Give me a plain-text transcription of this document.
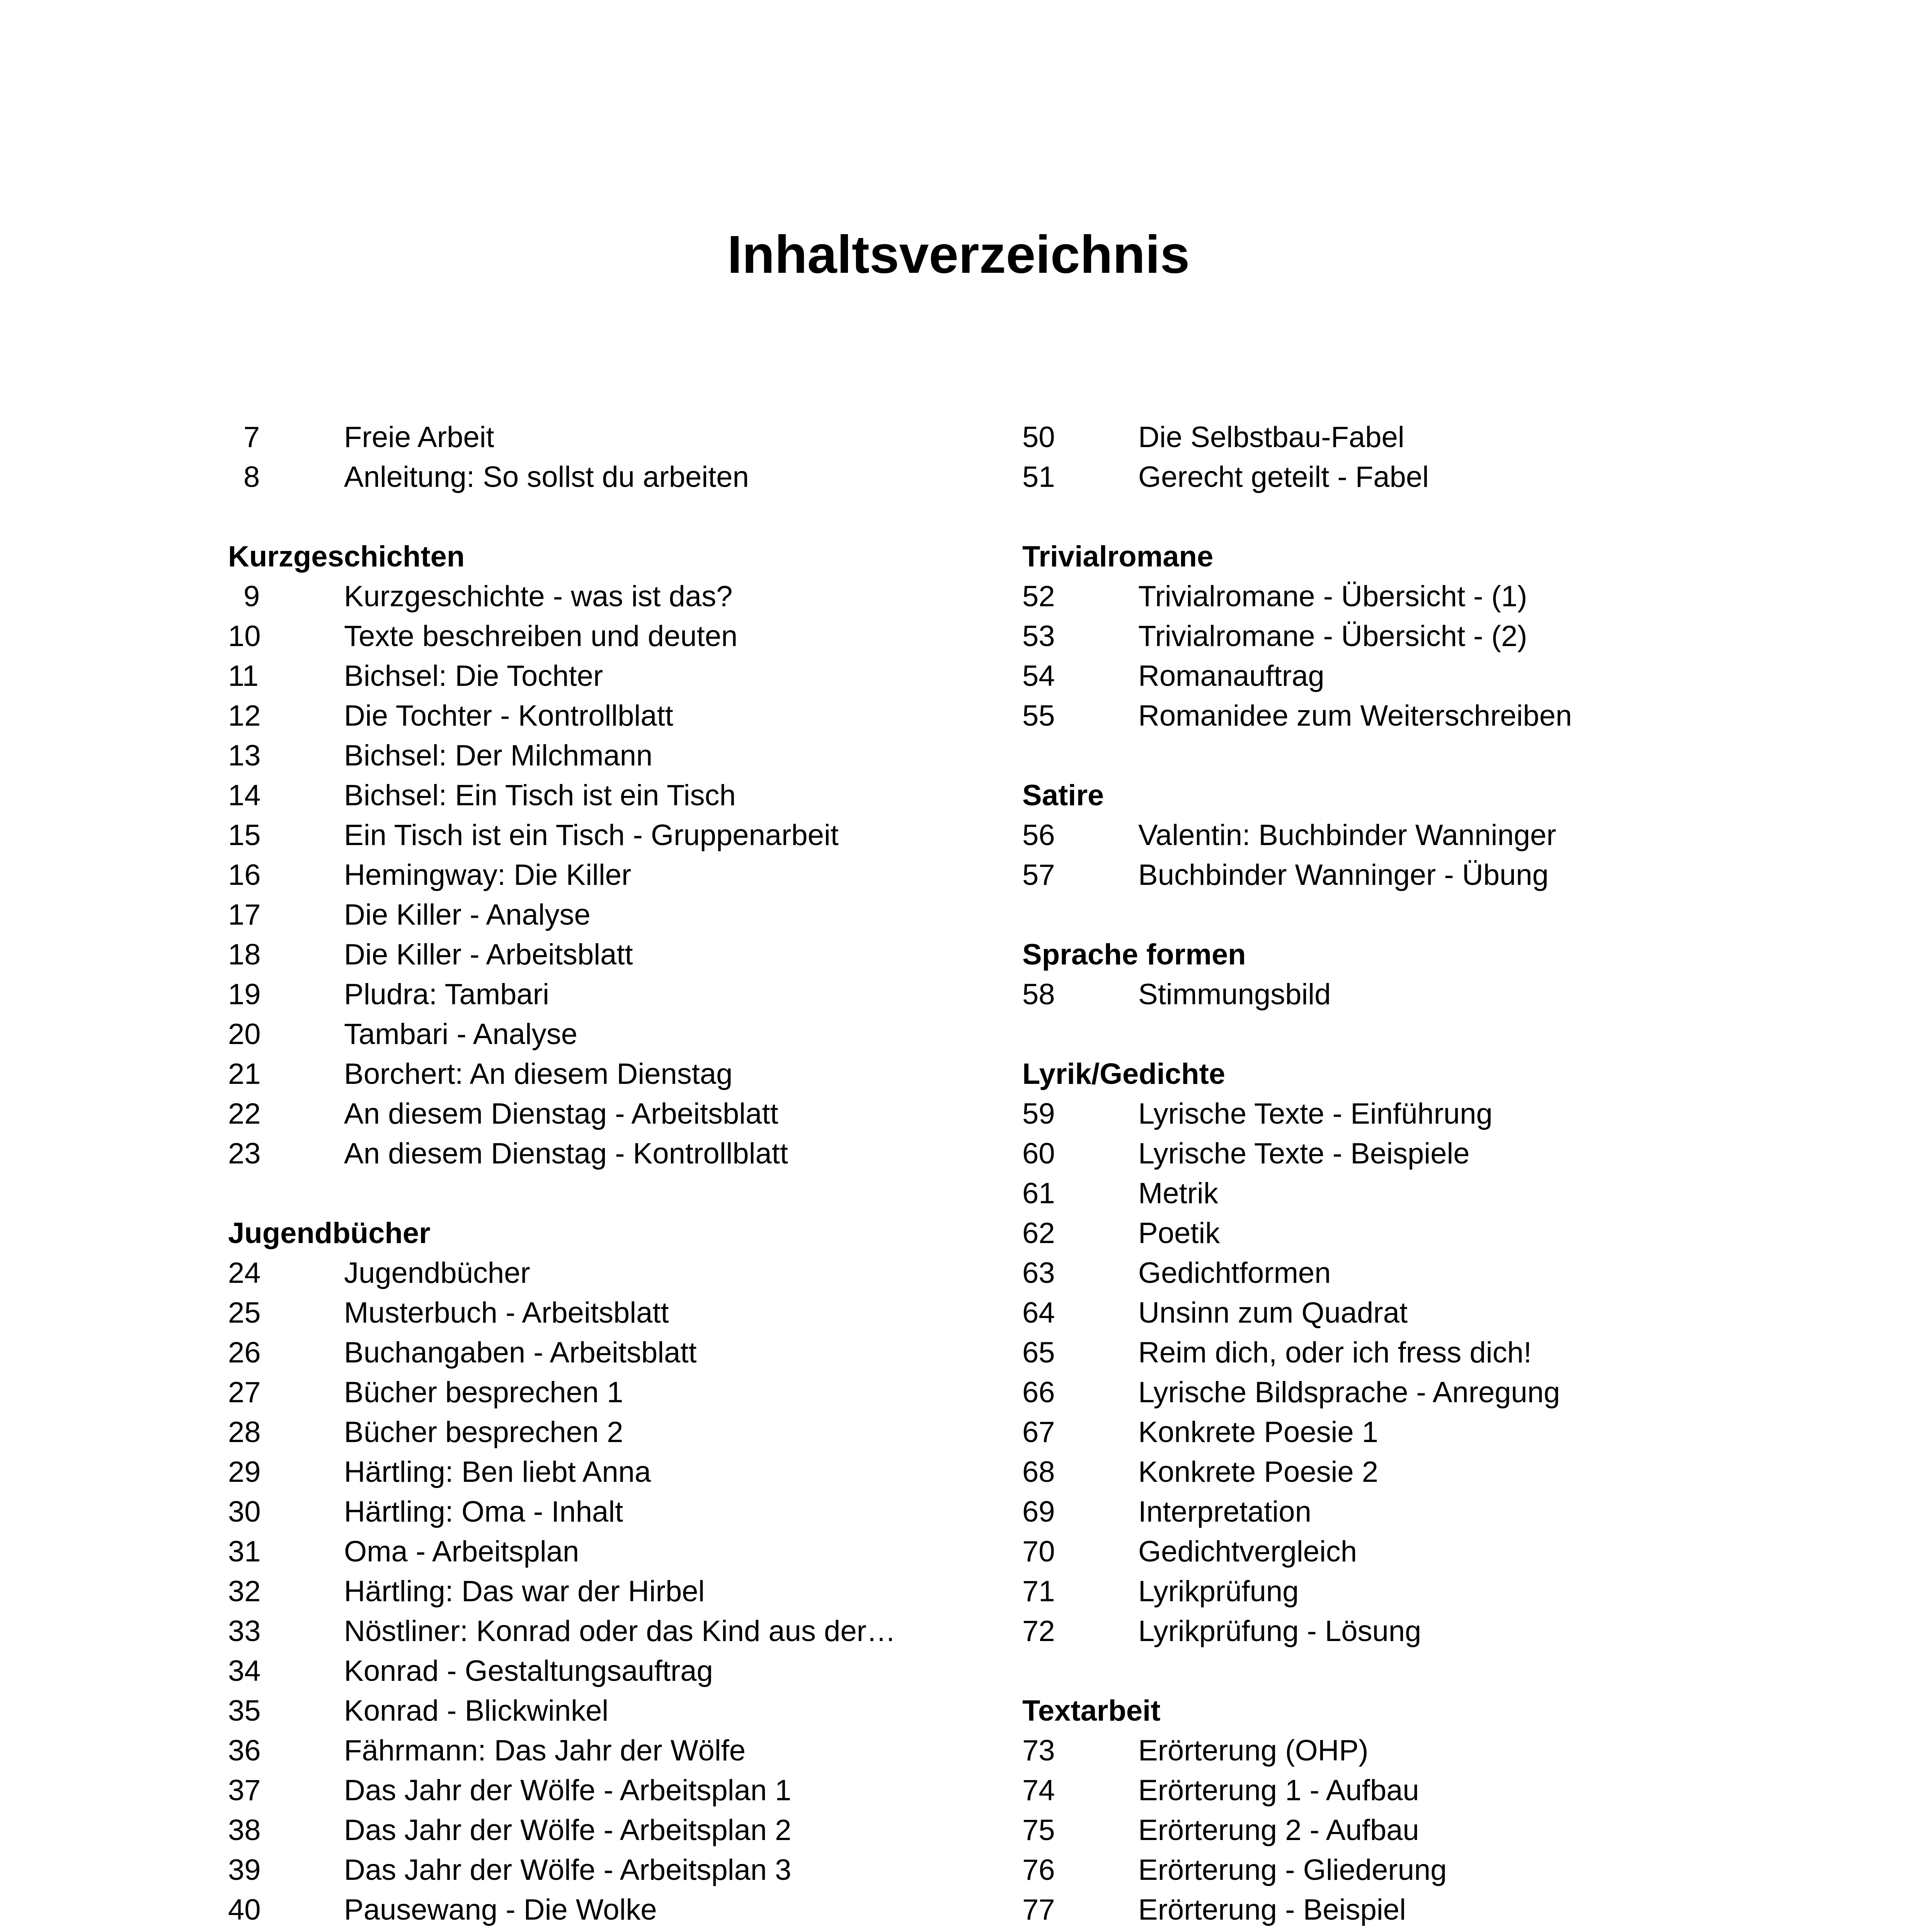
Inhaltsverzeichnis
7	Freie Arbeit
8	Anleitung: So sollst du arbeiten
Kurzgeschichten
9	Kurzgeschichte - was ist das?
10	Texte beschreiben und deuten
11	Bichsel: Die Tochter
12	Die Tochter - Kontrollblatt
13	Bichsel: Der Milchmann
14	Bichsel: Ein Tisch ist ein Tisch
15	Ein Tisch ist ein Tisch - Gruppenarbeit
16	Hemingway: Die Killer
17	Die Killer - Analyse
18	Die Killer - Arbeitsblatt
19	Pludra: Tambari
20	Tambari - Analyse
21	Borchert: An diesem Dienstag
22	An diesem Dienstag - Arbeitsblatt
23	An diesem Dienstag - Kontrollblatt
Jugendbücher
24	Jugendbücher
25	Musterbuch - Arbeitsblatt
26	Buchangaben - Arbeitsblatt
27	Bücher besprechen 1
28	Bücher besprechen 2
29	Härtling: Ben liebt Anna
30	Härtling: Oma - Inhalt
31	Oma - Arbeitsplan
32	Härtling: Das war der Hirbel
33	Nöstliner: Konrad oder das Kind aus der…
34	Konrad - Gestaltungsauftrag
35	Konrad - Blickwinkel
36	Fährmann: Das Jahr der Wölfe
37	Das Jahr der Wölfe - Arbeitsplan 1
38	Das Jahr der Wölfe - Arbeitsplan 2
39	Das Jahr der Wölfe - Arbeitsplan 3
40	Pausewang - Die Wolke
50	Die Selbstbau-Fabel
51	Gerecht geteilt - Fabel
Trivialromane
52	Trivialromane - Übersicht - (1)
53	Trivialromane - Übersicht - (2)
54	Romanauftrag
55	Romanidee zum Weiterschreiben
Satire
56	Valentin: Buchbinder Wanninger
57	Buchbinder Wanninger - Übung
Sprache formen
58	Stimmungsbild
Lyrik/Gedichte
59	Lyrische Texte - Einführung
60	Lyrische Texte - Beispiele
61	Metrik
62	Poetik
63	Gedichtformen
64	Unsinn zum Quadrat
65	Reim dich, oder ich fress dich!
66	Lyrische Bildsprache - Anregung
67	Konkrete Poesie 1
68	Konkrete Poesie 2
69	Interpretation
70	Gedichtvergleich
71	Lyrikprüfung
72	Lyrikprüfung - Lösung
Textarbeit
73	Erörterung (OHP)
74	Erörterung 1 - Aufbau
75	Erörterung 2 - Aufbau
76	Erörterung - Gliederung
77	Erörterung - Beispiel
